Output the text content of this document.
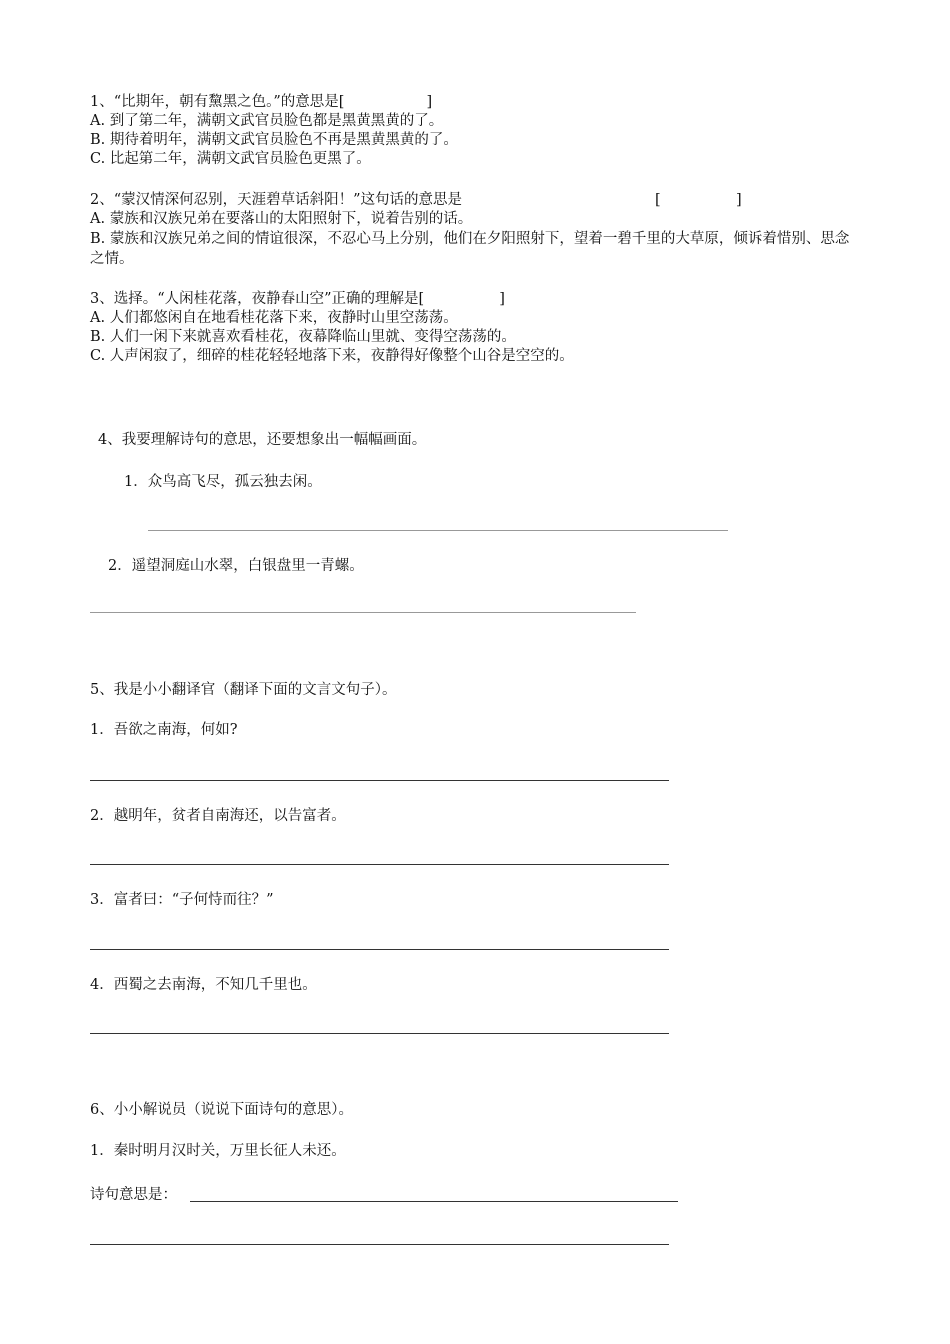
1、“比期年，朝有黧黑之色。”的意思是[	]
A. 到了第二年，满朝文武官员脸色都是黑黄黑黄的了。
B. 期待着明年，满朝文武官员脸色不再是黑黄黑黄的了。
C. 比起第二年，满朝文武官员脸色更黑了。
2、“蒙汉情深何忍别，天涯碧草话斜阳！”这句话的意思是	[	]
A. 蒙族和汉族兄弟在要落山的太阳照射下，说着告别的话。
B. 蒙族和汉族兄弟之间的情谊很深，不忍心马上分别，他们在夕阳照射下，望着一碧千里的大草原，倾诉着惜别、思念之情。
3、选择。“人闲桂花落，夜静春山空”正确的理解是[	]
A. 人们都悠闲自在地看桂花落下来，夜静时山里空荡荡。
B. 人们一闲下来就喜欢看桂花，夜幕降临山里就、变得空荡荡的。
C. 人声闲寂了，细碎的桂花轻轻地落下来，夜静得好像整个山谷是空空的。
4、我要理解诗句的意思，还要想象出一幅幅画面。
1．众鸟高飞尽，孤云独去闲。
2．遥望洞庭山水翠，白银盘里一青螺。
5、我是小小翻译官（翻译下面的文言文句子）。
1．吾欲之南海，何如?
2．越明年，贫者自南海还，以告富者。
3．富者曰：“子何恃而往？”
4．西蜀之去南海，不知几千里也。
6、小小解说员（说说下面诗句的意思）。
1．秦时明月汉时关，万里长征人未还。
诗句意思是：
